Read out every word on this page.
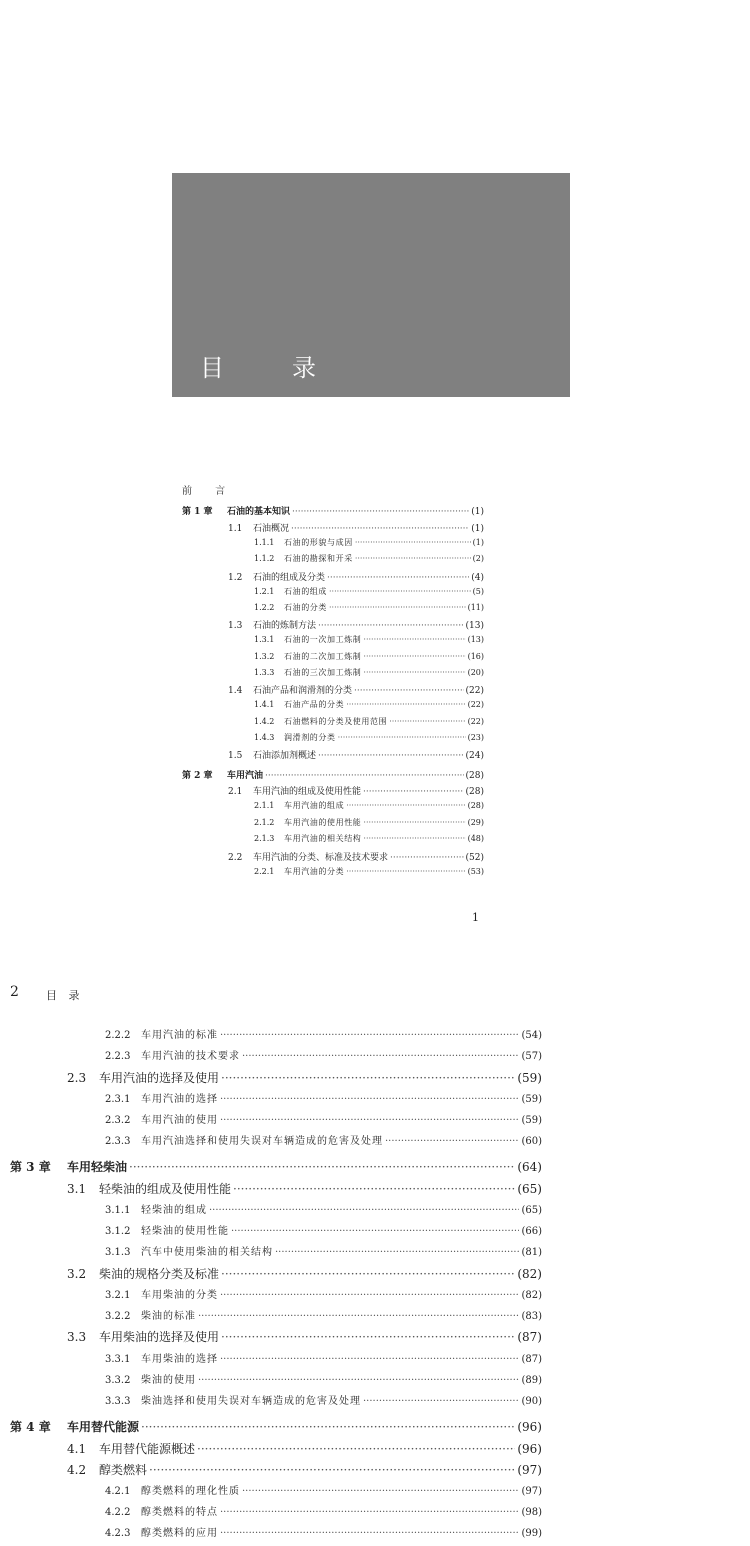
目　录
前 言
第 1 章	石油的基本知识 ·····	(1)
1.1	石油概况 ·····	(1)
1.1.1	石油的形貌与成因 ·····	(1)
1.1.2	石油的勘探和开采 ·····	(2)
1.2	石油的组成及分类 ·····	(4)
1.2.1	石油的组成 ·····	(5)
1.2.2	石油的分类 ·····	(11)
1.3	石油的炼制方法 ·····	(13)
1.3.1	石油的一次加工炼制 ·····	(13)
1.3.2	石油的二次加工炼制 ·····	(16)
1.3.3	石油的三次加工炼制 ·····	(20)
1.4	石油产品和润滑剂的分类 ·····	(22)
1.4.1	石油产品的分类 ·····	(22)
1.4.2	石油燃料的分类及使用范围 ·····	(22)
1.4.3	润滑剂的分类 ·····	(23)
1.5	石油添加剂概述 ·····	(24)
第 2 章	车用汽油 ·····	(28)
2.1	车用汽油的组成及使用性能 ·····	(28)
2.1.1	车用汽油的组成 ·····	(28)
2.1.2	车用汽油的使用性能 ·····	(29)
2.1.3	车用汽油的相关结构 ·····	(48)
2.2	车用汽油的分类、标准及技术要求 ·····	(52)
2.2.1	车用汽油的分类 ·····	(53)
1
2 目 录
2.2.2	车用汽油的标准 ·····	(54)
2.2.3	车用汽油的技术要求 ·····	(57)
2.3	车用汽油的选择及使用 ·····	(59)
2.3.1	车用汽油的选择 ·····	(59)
2.3.2	车用汽油的使用 ·····	(59)
2.3.3	车用汽油选择和使用失误对车辆造成的危害及处理 ·····	(60)
第 3 章	车用轻柴油 ·····	(64)
3.1	轻柴油的组成及使用性能 ·····	(65)
3.1.1	轻柴油的组成 ·····	(65)
3.1.2	轻柴油的使用性能 ·····	(66)
3.1.3	汽车中使用柴油的相关结构 ·····	(81)
3.2	柴油的规格分类及标准 ·····	(82)
3.2.1	车用柴油的分类 ·····	(82)
3.2.2	柴油的标准 ·····	(83)
3.3	车用柴油的选择及使用 ·····	(87)
3.3.1	车用柴油的选择 ·····	(87)
3.3.2	柴油的使用 ·····	(89)
3.3.3	柴油选择和使用失误对车辆造成的危害及处理 ·····	(90)
第 4 章	车用替代能源 ·····	(96)
4.1	车用替代能源概述 ·····	(96)
4.2	醇类燃料 ·····	(97)
4.2.1	醇类燃料的理化性质 ·····	(97)
4.2.2	醇类燃料的特点 ·····	(98)
4.2.3	醇类燃料的应用 ·····	(99)
